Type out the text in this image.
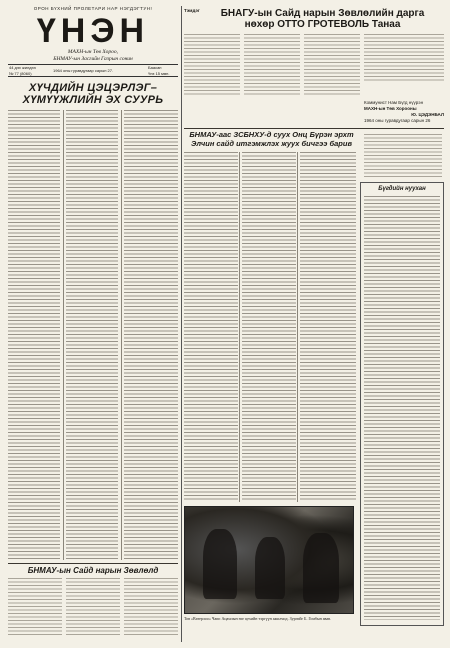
ОРОН БҮХНИЙ ПРОЛЕТАРИ НАР НЭГДЭГТУН!
ҮНЭН
МАХН-ын Төв Хороо,
БНМАУ-ын Засгийн Газрын сонин
44 дэх жилдээ
№ 77 (8060)
1964 оны гуравдугаар сарын 27.
Баасан
Үнэ 15 мөн.
ХҮЧДИЙН ЦЭЦЭРЛЭГ–
ХҮМҮҮЖЛИЙН ЭХ СУУРЬ
БНМАУ-ын Сайд нарын Зөвлөлд
Тэмдэг	БНАГУ-ын Сайд нарын Зөвлөлийн дарга
нөхөр ОТТО ГРОТЕВОЛЬ Танаа
Коммунист Нам Бүгд нүүрэн
МАХН-ын Төв Хорооны
Ю. ЦЭДЭНБАЛ
1964 оны гуравдугаар сарын 26
БНМАУ-ааc ЗСБНХУ-д суух Онц Бүрэн эрхт
Элчин сайд итгэмжлэх жуух бичгээ барив
Тов «Ватерлоо» Чапп Ацамлын нэг цехийн тэргүүн ажилчид. Зургийг Б. Гомбын авав.
Бүгдийн нуухан
